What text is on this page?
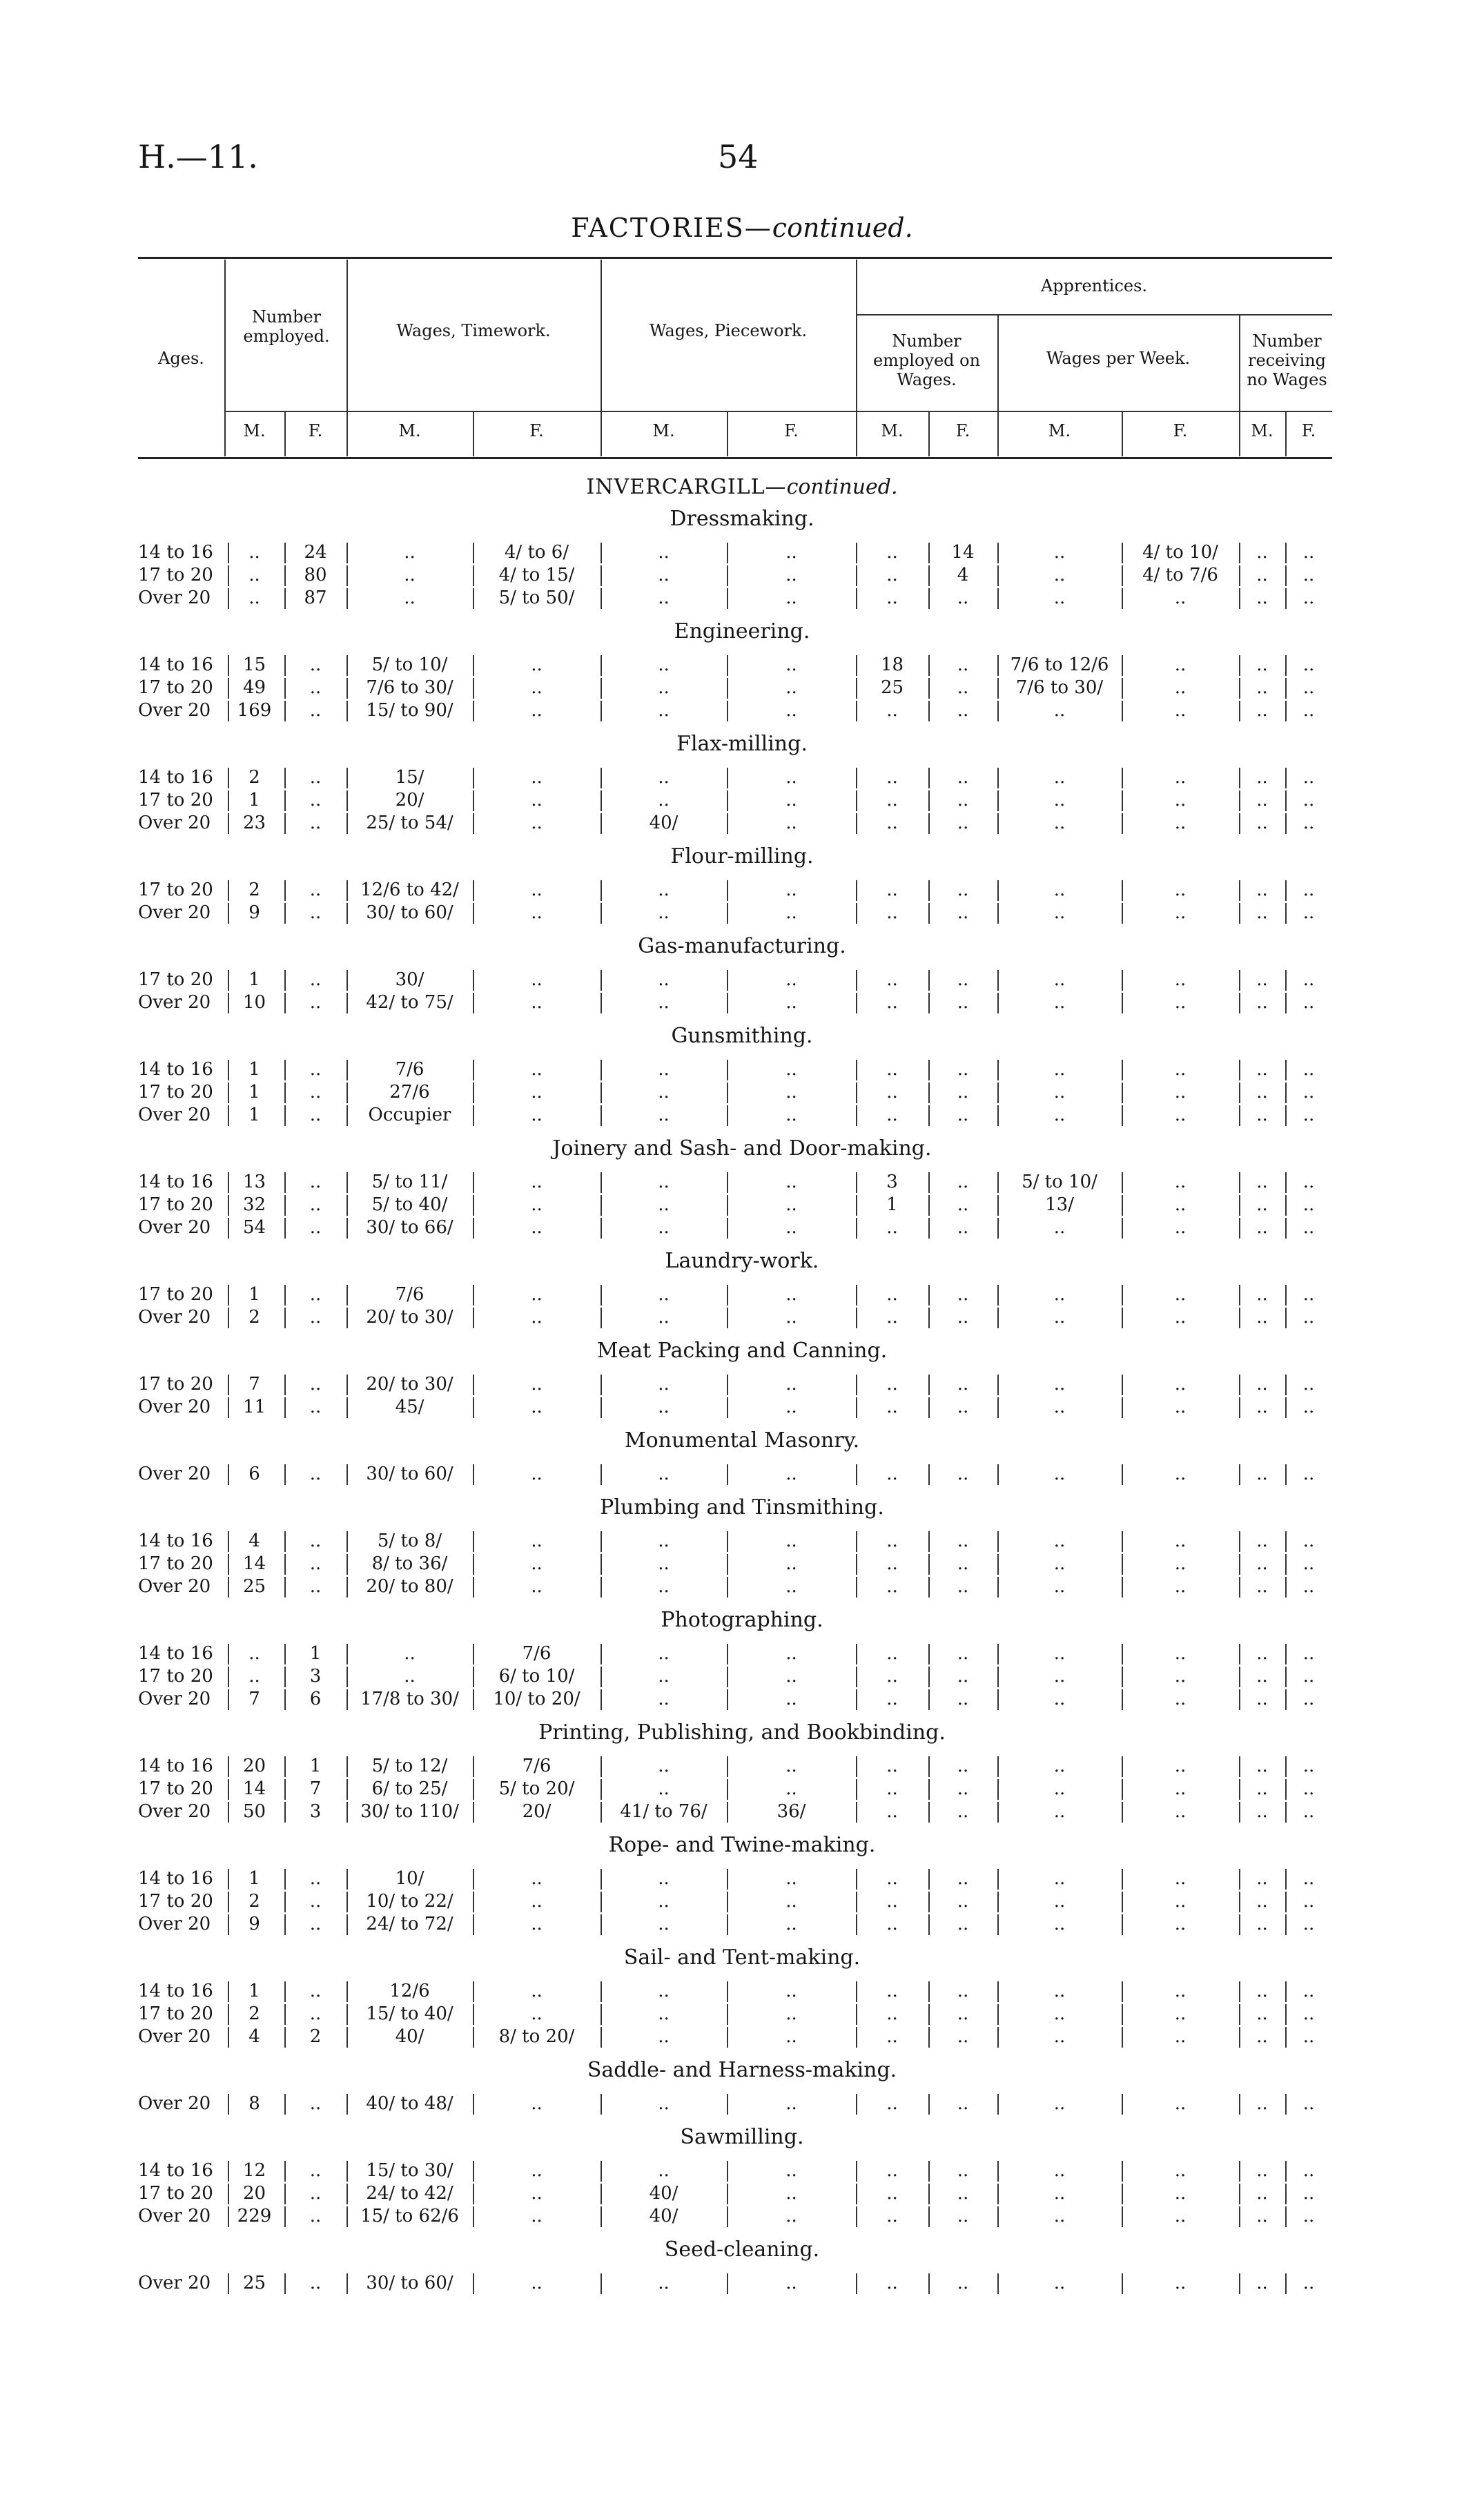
H.—11.	54
FACTORIES—continued.
Ages.
Number employed.	Wages, Timework.	Wages, Piecework.
Apprentices.
Number employed on Wages.
Wages per Week.
Number receiving no Wages
M.	F.	M.	F.	M.	F.	M.	F.	M.	F.	M.	F.
INVERCARGILL—continued.
Dressmaking.
14 to 16	..	24	..	4/ to 6/	..	..	..	14	..	4/ to 10/	..	..
17 to 20	..	80	..	4/ to 15/	..	..	..	4	..	4/ to 7/6	..	..
Over 20	..	87	..	5/ to 50/	..	..	..	..	..	..	..	..
Engineering.
14 to 16	15	..	5/ to 10/	..	..	..	18	..	7/6 to 12/6	..	..	..
17 to 20	49	..	7/6 to 30/	..	..	..	25	..	7/6 to 30/	..	..	..
Over 20	169	..	15/ to 90/	..	..	..	..	..	..	..	..	..
Flax-milling.
14 to 16	2	..	15/	..	..	..	..	..	..	..	..	..
17 to 20	1	..	20/	..	..	..	..	..	..	..	..	..
Over 20	23	..	25/ to 54/	..	40/	..	..	..	..	..	..	..
Flour-milling.
17 to 20	2	..	12/6 to 42/	..	..	..	..	..	..	..	..	..
Over 20	9	..	30/ to 60/	..	..	..	..	..	..	..	..	..
Gas-manufacturing.
17 to 20	1	..	30/	..	..	..	..	..	..	..	..	..
Over 20	10	..	42/ to 75/	..	..	..	..	..	..	..	..	..
Gunsmithing.
14 to 16	1	..	7/6	..	..	..	..	..	..	..	..	..
17 to 20	1	..	27/6	..	..	..	..	..	..	..	..	..
Over 20	1	..	Occupier	..	..	..	..	..	..	..	..	..
Joinery and Sash- and Door-making.
14 to 16	13	..	5/ to 11/	..	..	..	3	..	5/ to 10/	..	..	..
17 to 20	32	..	5/ to 40/	..	..	..	1	..	13/	..	..	..
Over 20	54	..	30/ to 66/	..	..	..	..	..	..	..	..	..
Laundry-work.
17 to 20	1	..	7/6	..	..	..	..	..	..	..	..	..
Over 20	2	..	20/ to 30/	..	..	..	..	..	..	..	..	..
Meat Packing and Canning.
17 to 20	7	..	20/ to 30/	..	..	..	..	..	..	..	..	..
Over 20	11	..	45/	..	..	..	..	..	..	..	..	..
Monumental Masonry.
Over 20	6	..	30/ to 60/	..	..	..	..	..	..	..	..	..
Plumbing and Tinsmithing.
14 to 16	4	..	5/ to 8/	..	..	..	..	..	..	..	..	..
17 to 20	14	..	8/ to 36/	..	..	..	..	..	..	..	..	..
Over 20	25	..	20/ to 80/	..	..	..	..	..	..	..	..	..
Photographing.
14 to 16	..	1	..	7/6	..	..	..	..	..	..	..	..
17 to 20	..	3	..	6/ to 10/	..	..	..	..	..	..	..	..
Over 20	7	6	17/8 to 30/	10/ to 20/	..	..	..	..	..	..	..	..
Printing, Publishing, and Bookbinding.
14 to 16	20	1	5/ to 12/	7/6	..	..	..	..	..	..	..	..
17 to 20	14	7	6/ to 25/	5/ to 20/	..	..	..	..	..	..	..	..
Over 20	50	3	30/ to 110/	20/	41/ to 76/	36/	..	..	..	..	..	..
Rope- and Twine-making.
14 to 16	1	..	10/	..	..	..	..	..	..	..	..	..
17 to 20	2	..	10/ to 22/	..	..	..	..	..	..	..	..	..
Over 20	9	..	24/ to 72/	..	..	..	..	..	..	..	..	..
Sail- and Tent-making.
14 to 16	1	..	12/6	..	..	..	..	..	..	..	..	..
17 to 20	2	..	15/ to 40/	..	..	..	..	..	..	..	..	..
Over 20	4	2	40/	8/ to 20/	..	..	..	..	..	..	..	..
Saddle- and Harness-making.
Over 20	8	..	40/ to 48/	..	..	..	..	..	..	..	..	..
Sawmilling.
14 to 16	12	..	15/ to 30/	..	..	..	..	..	..	..	..	..
17 to 20	20	..	24/ to 42/	..	40/	..	..	..	..	..	..	..
Over 20	229	..	15/ to 62/6	..	40/	..	..	..	..	..	..	..
Seed-cleaning.
Over 20	25	..	30/ to 60/	..	..	..	..	..	..	..	..	..
